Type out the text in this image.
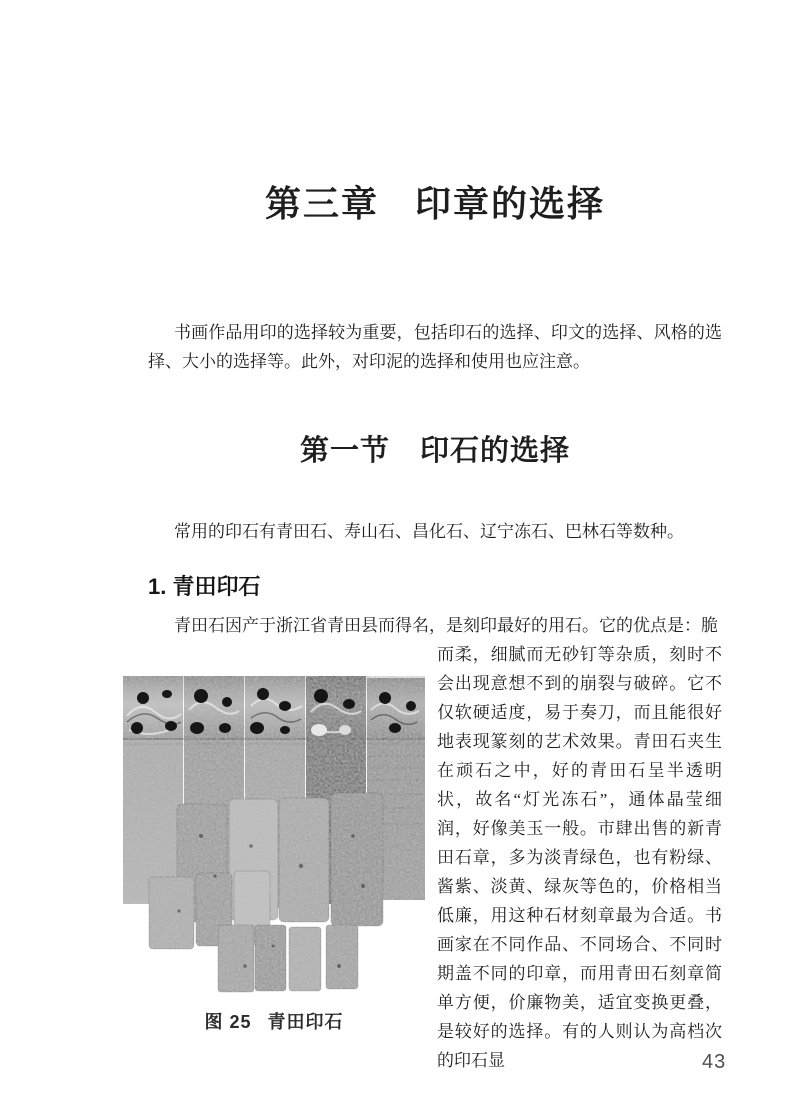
第三章 印章的选择

书画作品用印的选择较为重要，包括印石的选择、印文的选择、风格的选择、大小的选择等。此外，对印泥的选择和使用也应注意。

第一节 印石的选择

常用的印石有青田石、寿山石、昌化石、辽宁冻石、巴林石等数种。

1. 青田印石

青田石因产于浙江省青田县而得名，是刻印最好的用石。它的优点是：脆

图 25 青田印石

而柔，细腻而无砂钉等杂质，刻时不会出现意想不到的崩裂与破碎。它不仅软硬适度，易于奏刀，而且能很好地表现篆刻的艺术效果。青田石夹生在顽石之中，好的青田石呈半透明状，故名“灯光冻石”，通体晶莹细润，好像美玉一般。市肆出售的新青田石章，多为淡青绿色，也有粉绿、酱紫、淡黄、绿灰等色的，价格相当低廉，用这种石材刻章最为合适。书画家在不同作品、不同场合、不同时期盖不同的印章，而用青田石刻章简单方便，价廉物美，适宜变换更叠，是较好的选择。有的人则认为高档次的印石显	43
